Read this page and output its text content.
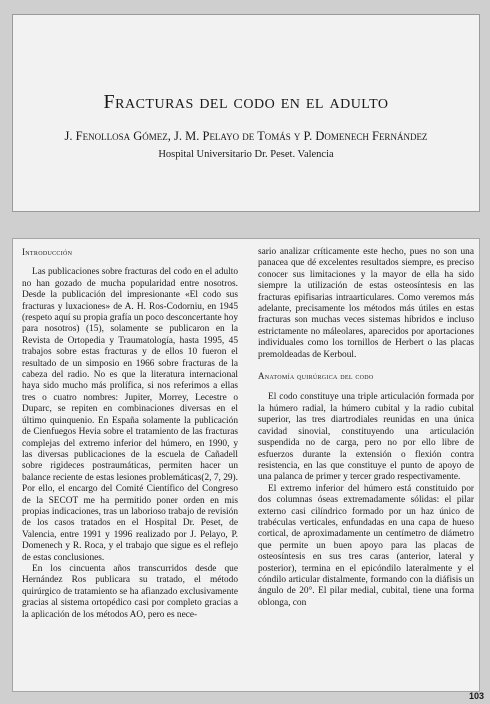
Fracturas del codo en el adulto
J. Fenollosa Gómez, J. M. Pelayo de Tomás y P. Domenech Fernández
Hospital Universitario Dr. Peset. Valencia
Introducción

Las publicaciones sobre fracturas del codo en el adulto no han gozado de mucha popularidad entre nosotros. Desde la publicación del impresionante «El codo sus fracturas y luxaciones» de A. H. Ros-Codorniu, en 1945 (respeto aquí su propia grafía un poco desconcertante hoy para nosotros) (15), solamente se publicaron en la Revista de Ortopedia y Traumatología, hasta 1995, 45 trabajos sobre estas fracturas y de ellos 10 fueron el resultado de un simposio en 1966 sobre fracturas de la cabeza del radio. No es que la literatura internacional haya sido mucho más prolífica, si nos referimos a ellas tres o cuatro nombres: Jupiter, Morrey, Lecestre o Duparc, se repiten en combinaciones diversas en el último quinquenio. En España solamente la publicación de Cienfuegos Hevia sobre el tratamiento de las fracturas complejas del extremo inferior del húmero, en 1990, y las diversas publicaciones de la escuela de Cañadell sobre rigideces postraumáticas, permiten hacer un balance reciente de estas lesiones problemáticas(2, 7, 29). Por ello, el encargo del Comité Científico del Congreso de la SECOT me ha permitido poner orden en mis propias indicaciones, tras un laborioso trabajo de revisión de los casos tratados en el Hospital Dr. Peset, de Valencia, entre 1991 y 1996 realizado por J. Pelayo, P. Domenech y R. Roca, y el trabajo que sigue es el reflejo de estas conclusiones.

En los cincuenta años transcurridos desde que Hernández Ros publicara su tratado, el método quirúrgico de tratamiento se ha afianzado exclusivamente gracias al sistema ortopédico casi por completo gracias a la aplicación de los métodos AO, pero es nece-

sario analizar críticamente este hecho, pues no son una panacea que dé excelentes resultados siempre, es preciso conocer sus limitaciones y la mayor de ella ha sido siempre la utilización de estas osteosíntesis en las fracturas epifisarias intraarticulares. Como veremos más adelante, precisamente los métodos más útiles en estas fracturas son muchas veces sistemas híbridos e incluso estrictamente no máleolares, aparecidos por aportaciones individuales como los tornillos de Herbert o las placas premoldeadas de Kerboul.

Anatomía quirúrgica del codo

El codo constituye una triple articulación formada por la húmero radial, la húmero cubital y la radio cubital superior, las tres diartrodiales reunidas en una única cavidad sinovial, constituyendo una articulación suspendida no de carga, pero no por ello libre de esfuerzos durante la extensión o flexión contra resistencia, en las que constituye el punto de apoyo de una palanca de primer y tercer grado respectivamente.

El extremo inferior del húmero está constituido por dos columnas óseas extremadamente sólidas: el pilar externo casi cilíndrico formado por un haz único de trabéculas verticales, enfundadas en una capa de hueso cortical, de aproximadamente un centímetro de diámetro que permite un buen apoyo para las placas de osteosíntesis en sus tres caras (anterior, lateral y posterior), termina en el epicóndilo lateralmente y el cóndilo articular distalmente, formando con la diáfisis un ángulo de 20°. El pilar medial, cubital, tiene una forma oblonga, con

103
